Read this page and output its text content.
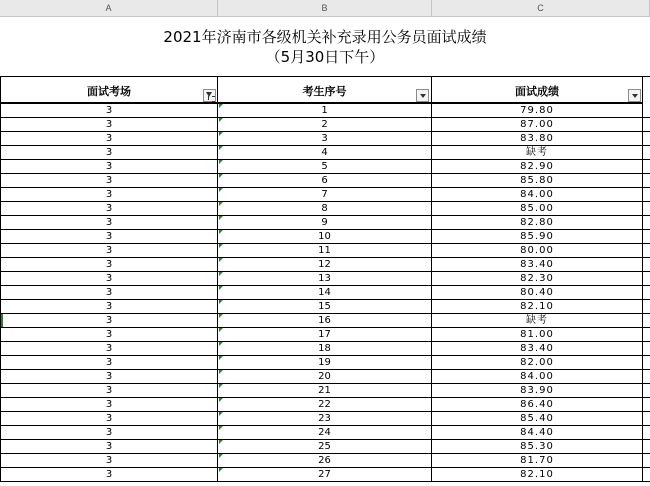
A	B	C
2021年济南市各级机关补充录用公务员面试成绩
（5月30日下午）
面试考场	考生序号	面试成绩
3	1	79.80
3	2	87.00
3	3	83.80
3	4	缺考
3	5	82.90
3	6	85.80
3	7	84.00
3	8	85.00
3	9	82.80
3	10	85.90
3	11	80.00
3	12	83.40
3	13	82.30
3	14	80.40
3	15	82.10
3	16	缺考
3	17	81.00
3	18	83.40
3	19	82.00
3	20	84.00
3	21	83.90
3	22	86.40
3	23	85.40
3	24	84.40
3	25	85.30
3	26	81.70
3	27	82.10
